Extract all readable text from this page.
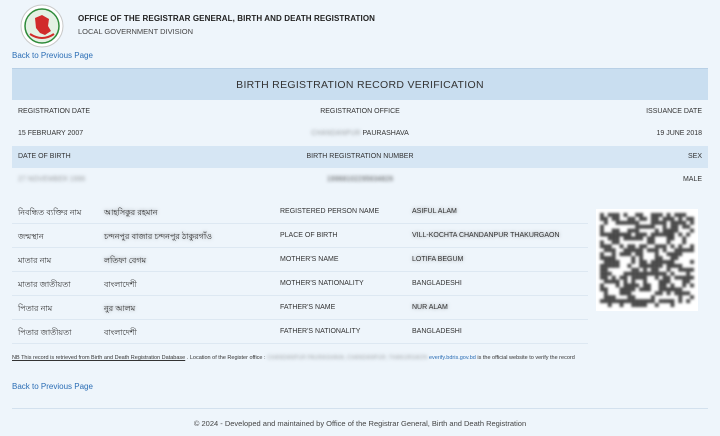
OFFICE OF THE REGISTRAR GENERAL, BIRTH AND DEATH REGISTRATION
LOCAL GOVERNMENT DIVISION
Back to Previous Page
BIRTH REGISTRATION RECORD VERIFICATION
REGISTRATION DATE	REGISTRATION OFFICE	ISSUANCE DATE
15 FEBRUARY 2007	CHANDANPUR PAURASHAVA	19 JUNE 2018
DATE OF BIRTH	BIRTH REGISTRATION NUMBER	SEX
27 NOVEMBER 1996	19968102295634826	MALE
নিবন্ধিত ব্যক্তির নাম	আহসিকুর রহমান	REGISTERED PERSON NAME	ASIFUL ALAM
জন্মস্থান	চন্দনপুর বাজার চন্দনপুর ঠাকুরগাঁও	PLACE OF BIRTH	VILL-KOCHTA CHANDANPUR THAKURGAON
মাতার নাম	লতিফা বেগম	MOTHER'S NAME	LOTIFA BEGUM
মাতার জাতীয়তা	বাংলাদেশী	MOTHER'S NATIONALITY	BANGLADESHI
পিতার নাম	নুর আলম	FATHER'S NAME	NUR ALAM
পিতার জাতীয়তা	বাংলাদেশী	FATHER'S NATIONALITY	BANGLADESHI
NB This record is retrieved from Birth and Death Registration Database . Location of the Register office : CHANDANPUR PAURASHAVA, CHANDANPUR, THAKURGAON everify.bdris.gov.bd is the official website to verify the record
Back to Previous Page
© 2024 - Developed and maintained by Office of the Registrar General, Birth and Death Registration
